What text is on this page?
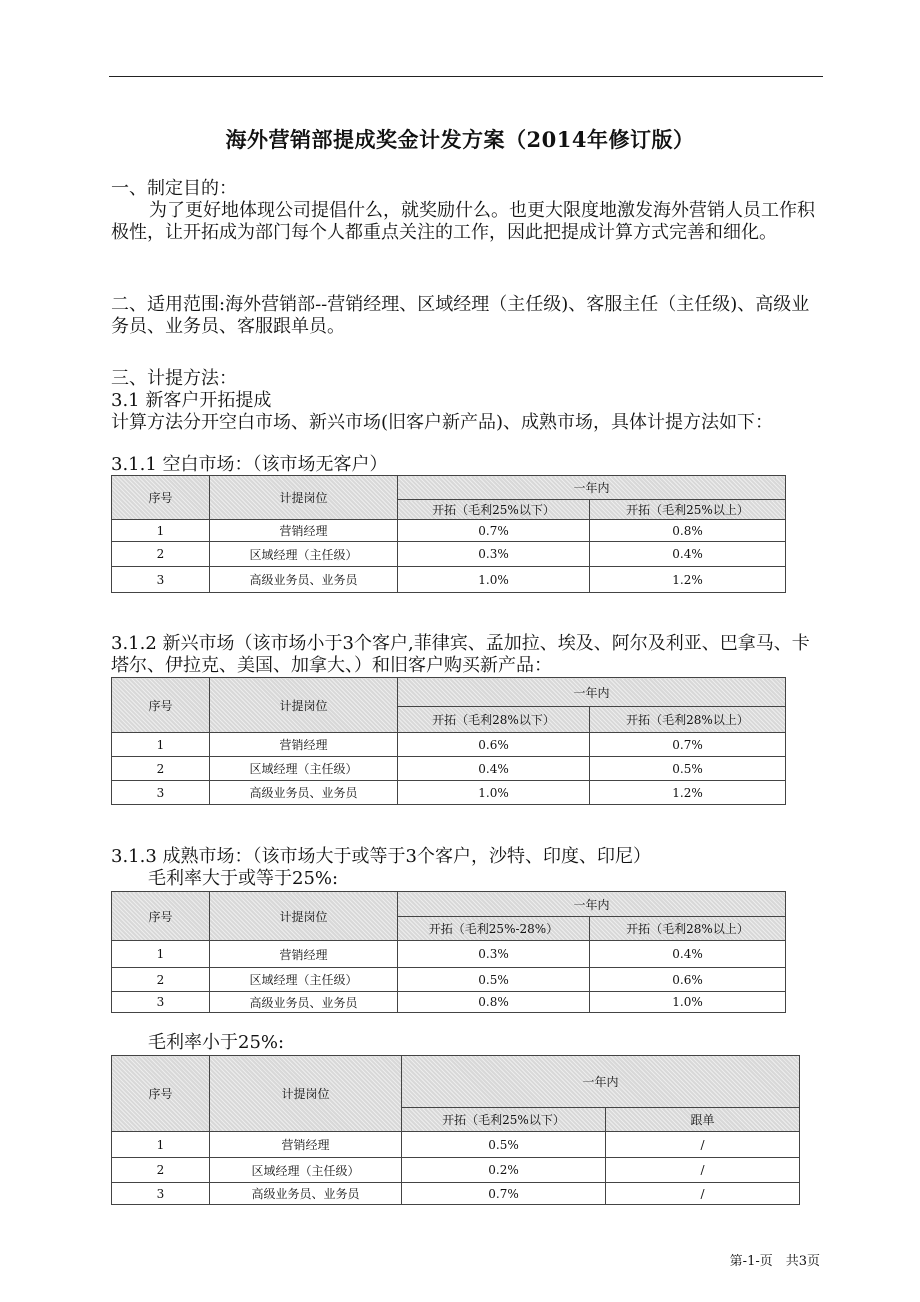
海外营销部提成奖金计发方案（2014年修订版）
一、制定目的：
为了更好地体现公司提倡什么，就奖励什么。也更大限度地激发海外营销人员工作积极性，让开拓成为部门每个人都重点关注的工作，因此把提成计算方式完善和细化。
二、适用范围:海外营销部--营销经理、区域经理（主任级)、客服主任（主任级)、高级业务员、业务员、客服跟单员。
三、计提方法：
3.1 新客户开拓提成
计算方法分开空白市场、新兴市场(旧客户新产品)、成熟市场，具体计提方法如下：
3.1.1 空白市场：（该市场无客户）
序号	计提岗位	一年内	
		开拓（毛利25%以下）	开拓（毛利25%以上）
1	营销经理	0.7%	0.8%
2	区域经理（主任级）	0.3%	0.4%
3	高级业务员、业务员	1.0%	1.2%
3.1.2 新兴市场（该市场小于3个客户,菲律宾、孟加拉、埃及、阿尔及利亚、巴拿马、卡塔尔、伊拉克、美国、加拿大、）和旧客户购买新产品：
序号	计提岗位	一年内	
		开拓（毛利28%以下）	开拓（毛利28%以上）
1	营销经理	0.6%	0.7%
2	区域经理（主任级）	0.4%	0.5%
3	高级业务员、业务员	1.0%	1.2%
3.1.3 成熟市场：（该市场大于或等于3个客户，沙特、印度、印尼）
毛利率大于或等于25%:
序号	计提岗位	一年内	
		开拓（毛利25%-28%）	开拓（毛利28%以上）
1	营销经理	0.3%	0.4%
2	区域经理（主任级）	0.5%	0.6%
3	高级业务员、业务员	0.8%	1.0%
毛利率小于25%:
序号	计提岗位	一年内	
		开拓（毛利25%以下）	跟单
1	营销经理	0.5%	/
2	区域经理（主任级）	0.2%	/
3	高级业务员、业务员	0.7%	/
第-1-页　共3页
